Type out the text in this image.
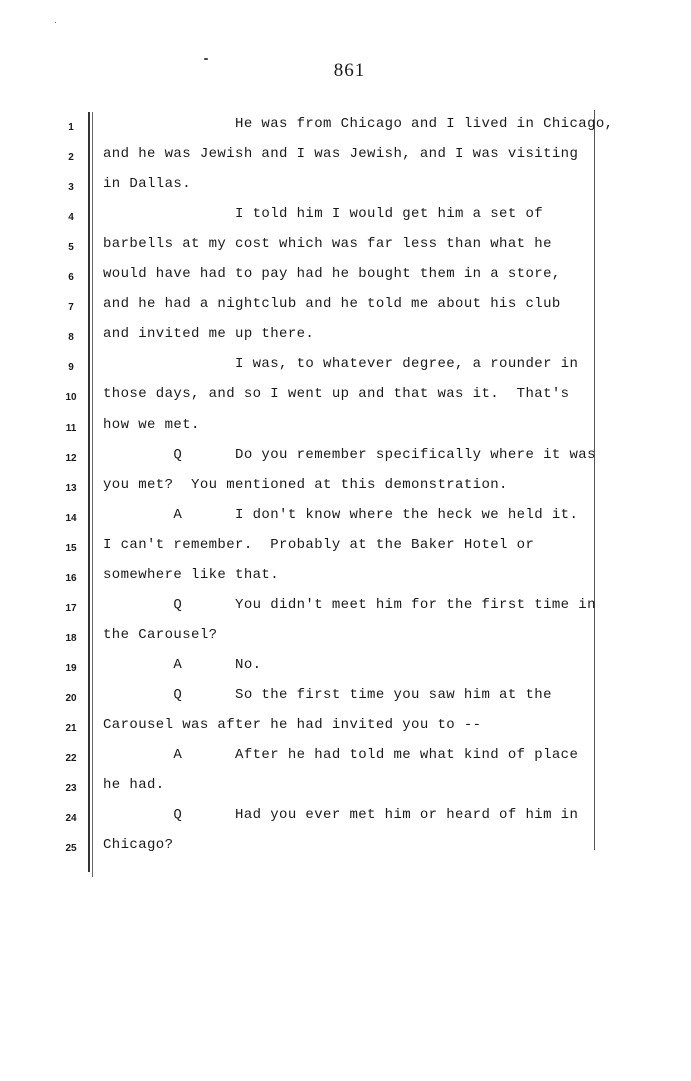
861
1	He was from Chicago and I lived in Chicago,
2	and he was Jewish and I was Jewish, and I was visiting
3	in Dallas.
4	I told him I would get him a set of
5	barbells at my cost which was far less than what he
6	would have had to pay had he bought them in a store,
7	and he had a nightclub and he told me about his club
8	and invited me up there.
9	I was, to whatever degree, a rounder in
10	those days, and so I went up and that was it.  That's
11	how we met.
12	Q      Do you remember specifically where it was
13	you met?  You mentioned at this demonstration.
14	A      I don't know where the heck we held it.
15	I can't remember.  Probably at the Baker Hotel or
16	somewhere like that.
17	Q      You didn't meet him for the first time in
18	the Carousel?
19	A      No.
20	Q      So the first time you saw him at the
21	Carousel was after he had invited you to --
22	A      After he had told me what kind of place
23	he had.
24	Q      Had you ever met him or heard of him in
25	Chicago?
